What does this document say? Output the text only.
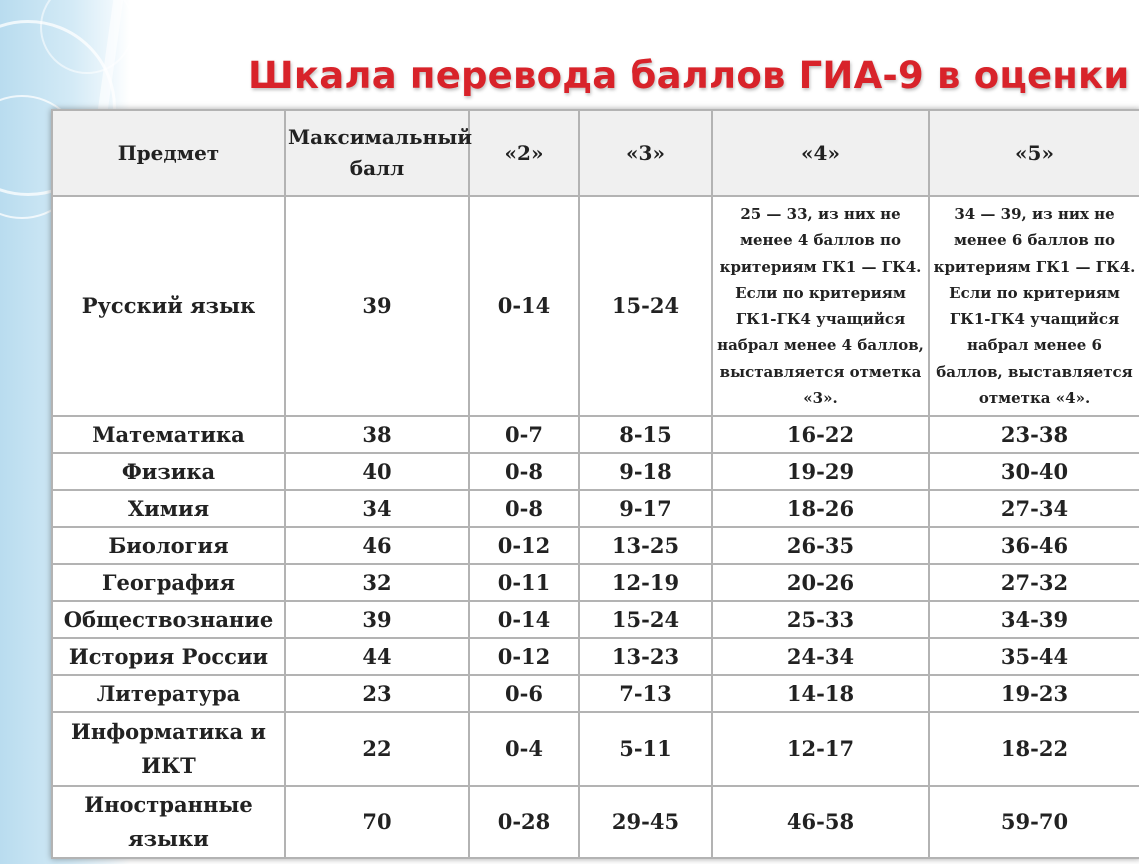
Шкала перевода баллов ГИА-9 в оценки
Предмет	Максимальный балл	«2»	«3»	«4»	«5»
Русский язык	39	0-14	15-24	25 — 33, из них не менее 4 баллов по критериям ГК1 — ГК4. Если по критериям ГК1-ГК4 учащийся набрал менее 4 баллов, выставляется отметка «3».	34 — 39, из них не менее 6 баллов по критериям ГК1 — ГК4. Если по критериям ГК1-ГК4 учащийся набрал менее 6 баллов, выставляется отметка «4».
Математика	38	0-7	8-15	16-22	23-38
Физика	40	0-8	9-18	19-29	30-40
Химия	34	0-8	9-17	18-26	27-34
Биология	46	0-12	13-25	26-35	36-46
География	32	0-11	12-19	20-26	27-32
Обществознание	39	0-14	15-24	25-33	34-39
История России	44	0-12	13-23	24-34	35-44
Литература	23	0-6	7-13	14-18	19-23
Информатика и ИКТ	22	0-4	5-11	12-17	18-22
Иностранные языки	70	0-28	29-45	46-58	59-70
